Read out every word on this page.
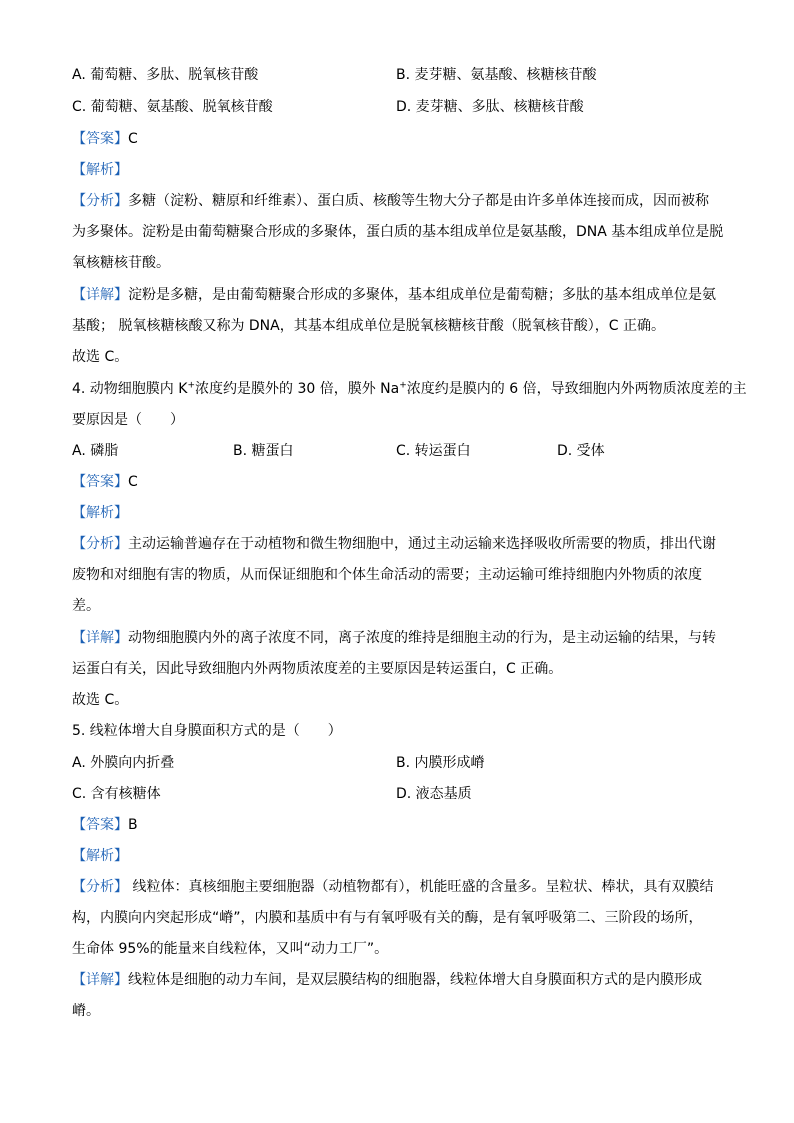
A. 葡萄糖、多肽、脱氧核苷酸	B. 麦芽糖、氨基酸、核糖核苷酸
C. 葡萄糖、氨基酸、脱氧核苷酸	D. 麦芽糖、多肽、核糖核苷酸
【答案】C
【解析】
【分析】多糖（淀粉、糖原和纤维素）、蛋白质、核酸等生物大分子都是由许多单体连接而成，因而被称
为多聚体。淀粉是由葡萄糖聚合形成的多聚体，蛋白质的基本组成单位是氨基酸，DNA 基本组成单位是脱
氧核糖核苷酸。
【详解】淀粉是多糖，是由葡萄糖聚合形成的多聚体，基本组成单位是葡萄糖；多肽的基本组成单位是氨
基酸； 脱氧核糖核酸又称为 DNA，其基本组成单位是脱氧核糖核苷酸（脱氧核苷酸），C 正确。
故选 C。
4. 动物细胞膜内 K+浓度约是膜外的 30 倍，膜外 Na+浓度约是膜内的 6 倍，导致细胞内外两物质浓度差的主
要原因是（　　）
A. 磷脂	B. 糖蛋白	C. 转运蛋白	D. 受体
【答案】C
【解析】
【分析】主动运输普遍存在于动植物和微生物细胞中，通过主动运输来选择吸收所需要的物质，排出代谢
废物和对细胞有害的物质，从而保证细胞和个体生命活动的需要；主动运输可维持细胞内外物质的浓度
差。
【详解】动物细胞膜内外的离子浓度不同，离子浓度的维持是细胞主动的行为，是主动运输的结果，与转
运蛋白有关，因此导致细胞内外两物质浓度差的主要原因是转运蛋白，C 正确。
故选 C。
5. 线粒体增大自身膜面积方式的是（　　）
A. 外膜向内折叠	B. 内膜形成嵴
C. 含有核糖体	D. 液态基质
【答案】B
【解析】
【分析】 线粒体：真核细胞主要细胞器（动植物都有），机能旺盛的含量多。呈粒状、棒状，具有双膜结
构，内膜向内突起形成“嵴”，内膜和基质中有与有氧呼吸有关的酶，是有氧呼吸第二、三阶段的场所，
生命体 95%的能量来自线粒体，又叫“动力工厂”。
【详解】线粒体是细胞的动力车间，是双层膜结构的细胞器，线粒体增大自身膜面积方式的是内膜形成
嵴。
